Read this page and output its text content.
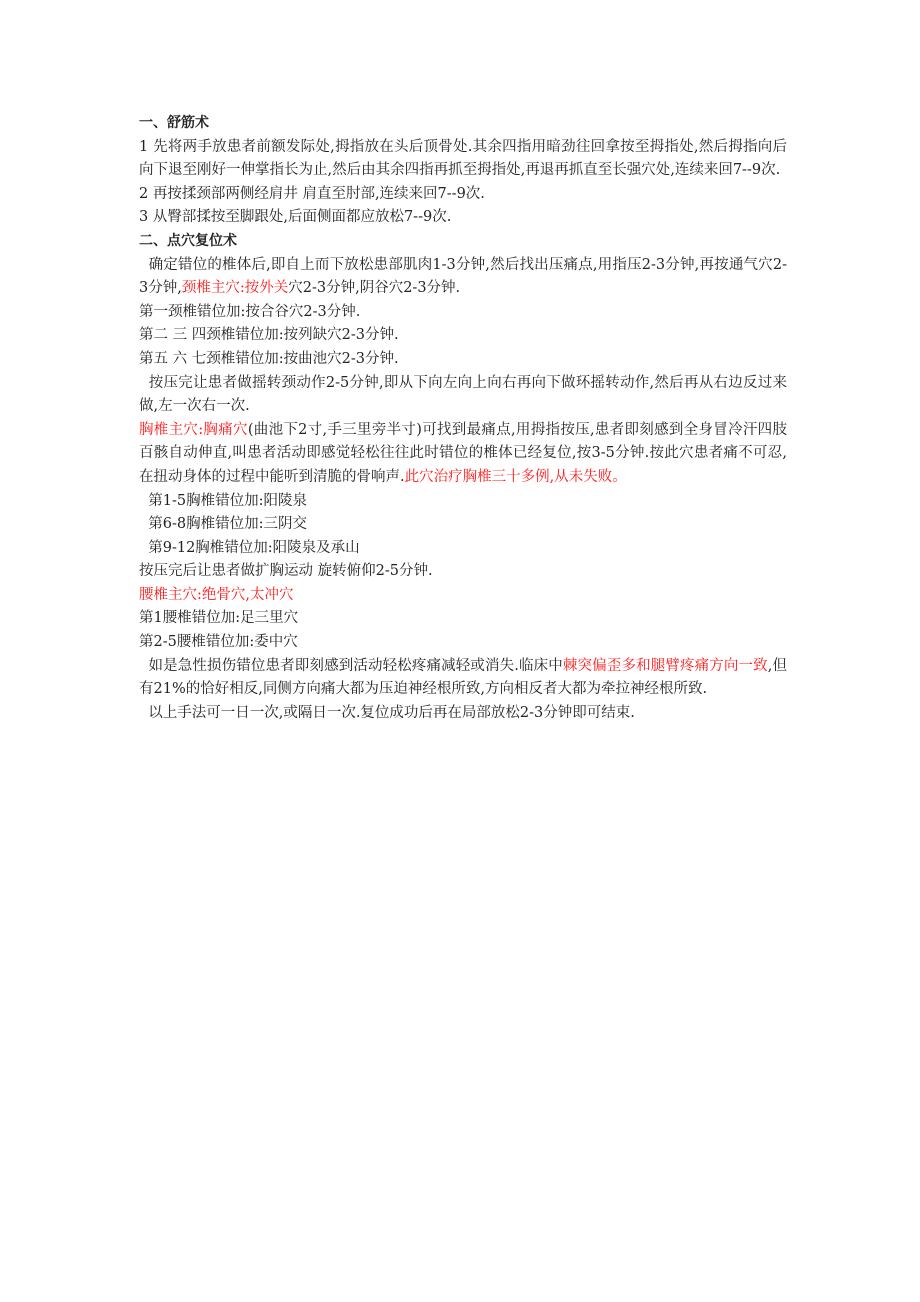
一、舒筋术

1 先将两手放患者前额发际处,拇指放在头后顶骨处.其余四指用暗劲往回拿按至拇指处,然后拇指向后向下退至刚好一伸掌指长为止,然后由其余四指再抓至拇指处,再退再抓直至长强穴处,连续来回7--9次.

2 再按揉颈部两侧经肩井 肩直至肘部,连续来回7--9次.

3 从臀部揉按至脚跟处,后面侧面都应放松7--9次.

二、点穴复位术

确定错位的椎体后,即自上而下放松患部肌肉1-3分钟,然后找出压痛点,用指压2-3分钟,再按通气穴2-3分钟,颈椎主穴:按外关穴2-3分钟,阴谷穴2-3分钟.

第一颈椎错位加:按合谷穴2-3分钟.

第二 三 四颈椎错位加:按列缺穴2-3分钟.

第五 六 七颈椎错位加:按曲池穴2-3分钟.

按压完让患者做摇转颈动作2-5分钟,即从下向左向上向右再向下做环摇转动作,然后再从右边反过来做,左一次右一次.

胸椎主穴:胸痛穴(曲池下2寸,手三里旁半寸)可找到最痛点,用拇指按压,患者即刻感到全身冒冷汗四肢百骸自动伸直,叫患者活动即感觉轻松往往此时错位的椎体已经复位,按3-5分钟.按此穴患者痛不可忍,在扭动身体的过程中能听到清脆的骨响声.此穴治疗胸椎三十多例,从未失败。

第1-5胸椎错位加:阳陵泉

第6-8胸椎错位加:三阴交

第9-12胸椎错位加:阳陵泉及承山

按压完后让患者做扩胸运动 旋转俯仰2-5分钟.

腰椎主穴:绝骨穴,太冲穴

第1腰椎错位加:足三里穴

第2-5腰椎错位加:委中穴

如是急性损伤错位患者即刻感到活动轻松疼痛减轻或消失.临床中棘突偏歪多和腿臂疼痛方向一致,但有21%的恰好相反,同侧方向痛大都为压迫神经根所致,方向相反者大都为牵拉神经根所致.

以上手法可一日一次,或隔日一次.复位成功后再在局部放松2-3分钟即可结束.
